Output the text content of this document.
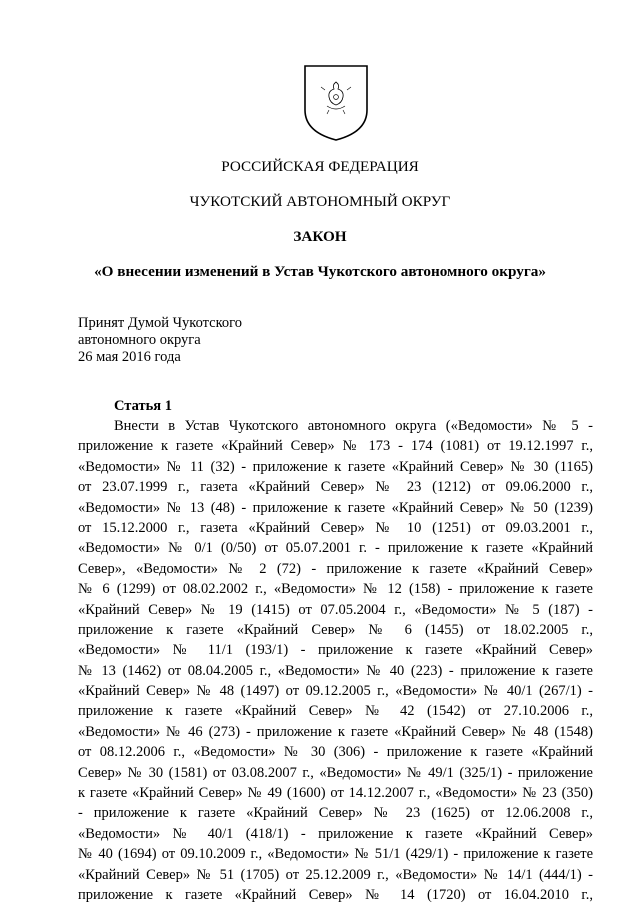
РОССИЙСКАЯ ФЕДЕРАЦИЯ
ЧУКОТСКИЙ АВТОНОМНЫЙ ОКРУГ
ЗАКОН
«О внесении изменений в Устав Чукотского автономного округа»
Принят Думой Чукотского
автономного округа
26 мая 2016 года
Статья 1
Внести в Устав Чукотского автономного округа («Ведомости» № 5 -
приложение к газете «Крайний Север» № 173 - 174 (1081) от 19.12.1997 г.,
«Ведомости» № 11 (32) - приложение к газете «Крайний Север» № 30 (1165)
от 23.07.1999 г., газета «Крайний Север» № 23 (1212) от 09.06.2000 г.,
«Ведомости» № 13 (48) - приложение к газете «Крайний Север» № 50 (1239)
от 15.12.2000 г., газета «Крайний Север» № 10 (1251) от 09.03.2001 г.,
«Ведомости» № 0/1 (0/50) от 05.07.2001 г. - приложение к газете «Крайний
Север», «Ведомости» № 2 (72) - приложение к газете «Крайний Север»
№ 6 (1299) от 08.02.2002 г., «Ведомости» № 12 (158) - приложение к газете
«Крайний Север» № 19 (1415) от 07.05.2004 г., «Ведомости» № 5 (187) -
приложение к газете «Крайний Север» № 6 (1455) от 18.02.2005 г.,
«Ведомости» № 11/1 (193/1) - приложение к газете «Крайний Север»
№ 13 (1462) от 08.04.2005 г., «Ведомости» № 40 (223) - приложение к газете
«Крайний Север» № 48 (1497) от 09.12.2005 г., «Ведомости» № 40/1 (267/1) -
приложение к газете «Крайний Север» № 42 (1542) от 27.10.2006 г.,
«Ведомости» № 46 (273) - приложение к газете «Крайний Север» № 48 (1548)
от 08.12.2006 г., «Ведомости» № 30 (306) - приложение к газете «Крайний
Север» № 30 (1581) от 03.08.2007 г., «Ведомости» № 49/1 (325/1) - приложение
к газете «Крайний Север» № 49 (1600) от 14.12.2007 г., «Ведомости» № 23 (350)
- приложение к газете «Крайний Север» № 23 (1625) от 12.06.2008 г.,
«Ведомости» № 40/1 (418/1) - приложение к газете «Крайний Север»
№ 40 (1694) от 09.10.2009 г., «Ведомости» № 51/1 (429/1) - приложение к газете
«Крайний Север» № 51 (1705) от 25.12.2009 г., «Ведомости» № 14/1 (444/1) -
приложение к газете «Крайний Север» № 14 (1720) от 16.04.2010 г.,
